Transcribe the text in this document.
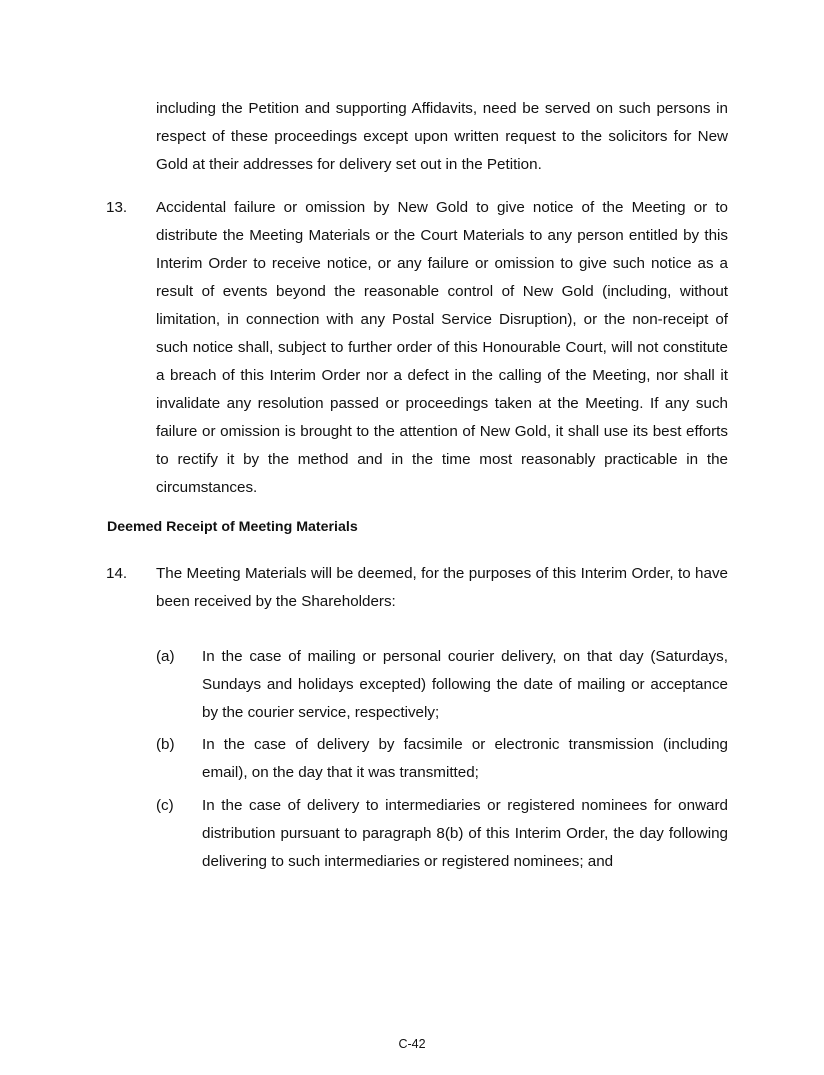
including the Petition and supporting Affidavits, need be served on such persons in respect of these proceedings except upon written request to the solicitors for New Gold at their addresses for delivery set out in the Petition.
13. Accidental failure or omission by New Gold to give notice of the Meeting or to distribute the Meeting Materials or the Court Materials to any person entitled by this Interim Order to receive notice, or any failure or omission to give such notice as a result of events beyond the reasonable control of New Gold (including, without limitation, in connection with any Postal Service Disruption), or the non-receipt of such notice shall, subject to further order of this Honourable Court, will not constitute a breach of this Interim Order nor a defect in the calling of the Meeting, nor shall it invalidate any resolution passed or proceedings taken at the Meeting. If any such failure or omission is brought to the attention of New Gold, it shall use its best efforts to rectify it by the method and in the time most reasonably practicable in the circumstances.
Deemed Receipt of Meeting Materials
14. The Meeting Materials will be deemed, for the purposes of this Interim Order, to have been received by the Shareholders:
(a) In the case of mailing or personal courier delivery, on that day (Saturdays, Sundays and holidays excepted) following the date of mailing or acceptance by the courier service, respectively;
(b) In the case of delivery by facsimile or electronic transmission (including email), on the day that it was transmitted;
(c) In the case of delivery to intermediaries or registered nominees for onward distribution pursuant to paragraph 8(b) of this Interim Order, the day following delivering to such intermediaries or registered nominees; and
C-42
